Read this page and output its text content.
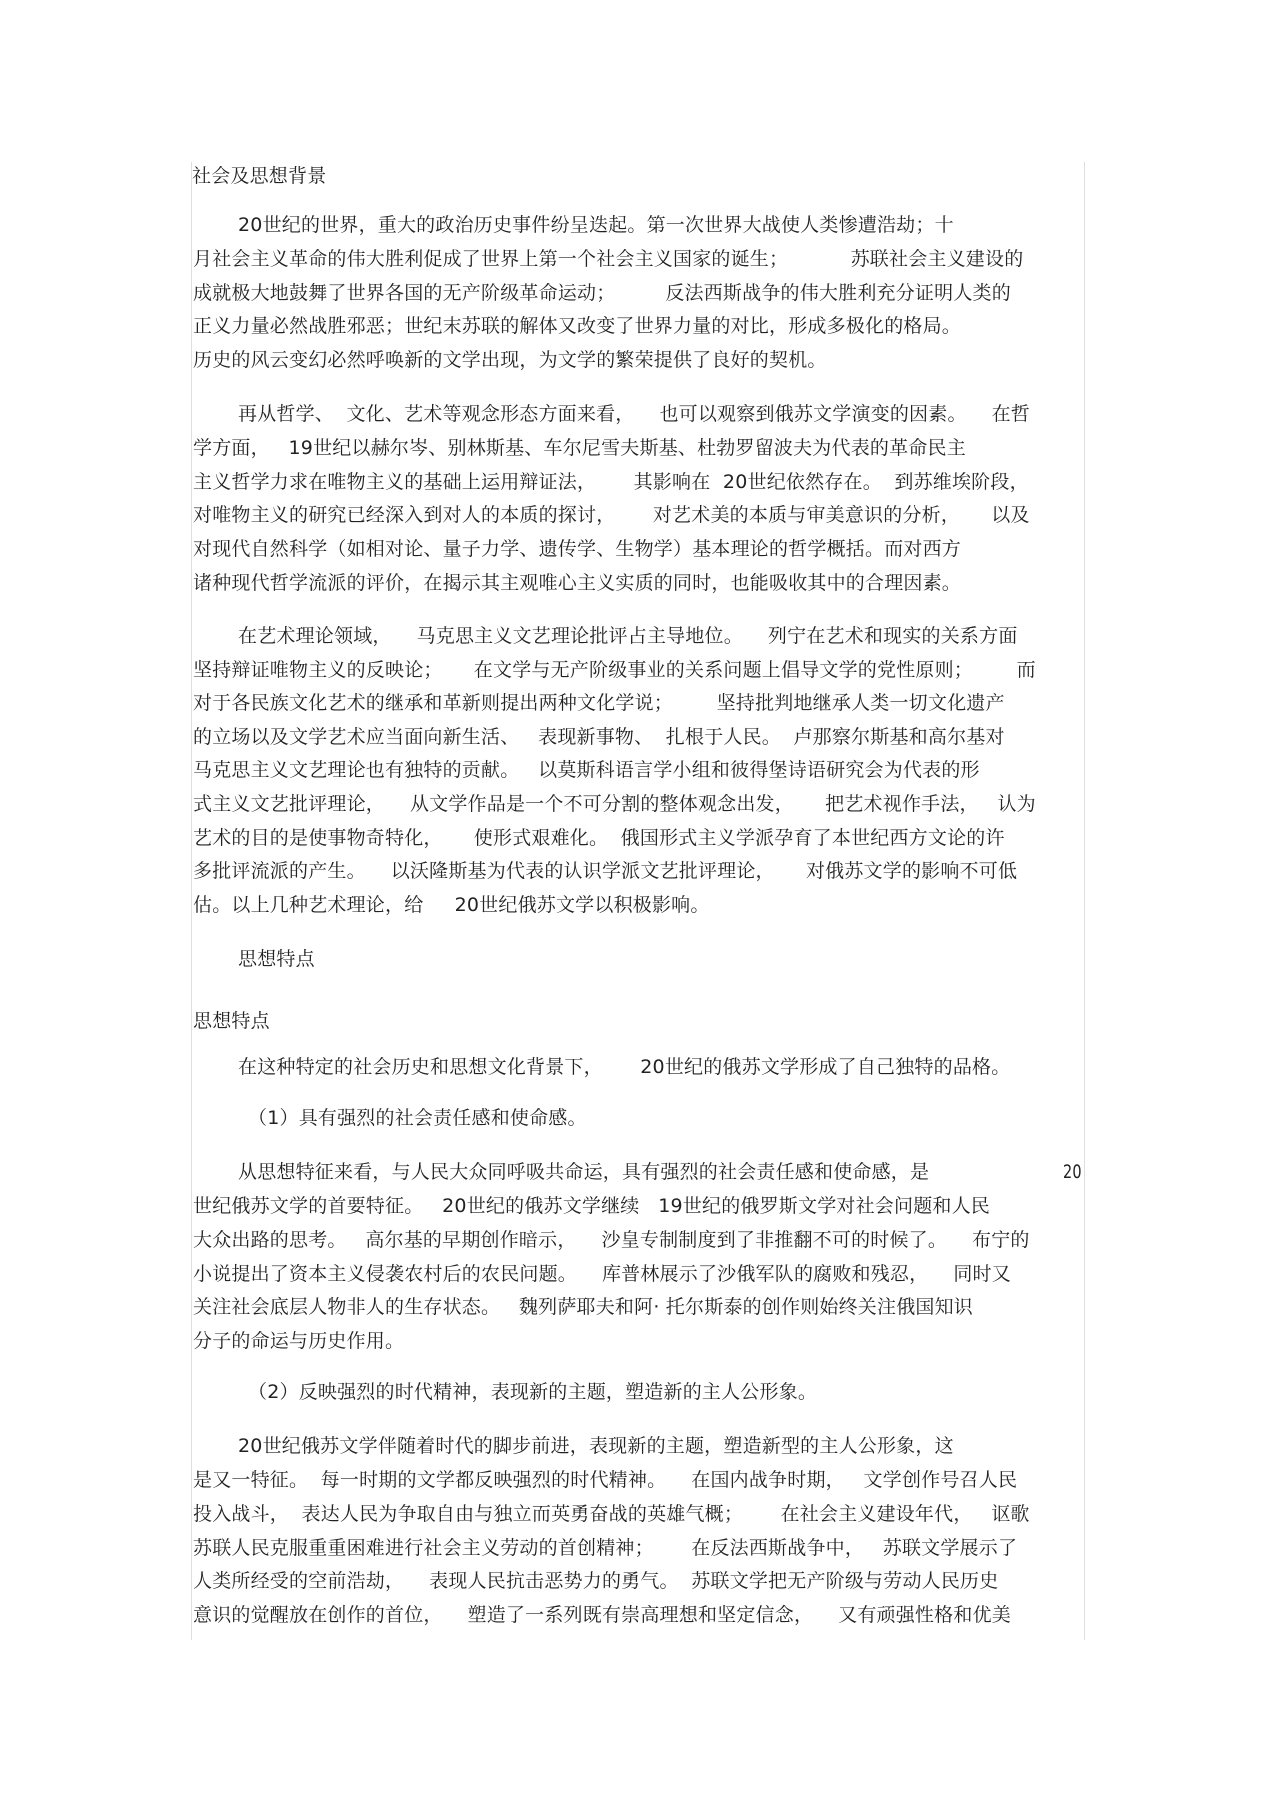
社会及思想背景
20世纪的世界，重大的政治历史事件纷呈迭起。第一次世界大战使人类惨遭浩劫；十
月社会主义革命的伟大胜利促成了世界上第一个社会主义国家的诞生；          苏联社会主义建设的
成就极大地鼓舞了世界各国的无产阶级革命运动；        反法西斯战争的伟大胜利充分证明人类的
正义力量必然战胜邪恶；世纪末苏联的解体又改变了世界力量的对比，形成多极化的格局。
历史的风云变幻必然呼唤新的文学出现，为文学的繁荣提供了良好的契机。
再从哲学、  文化、艺术等观念形态方面来看，    也可以观察到俄苏文学演变的因素。    在哲
学方面，   19世纪以赫尔岑、别林斯基、车尔尼雪夫斯基、杜勃罗留波夫为代表的革命民主
主义哲学力求在唯物主义的基础上运用辩证法，      其影响在  20世纪依然存在。  到苏维埃阶段，
对唯物主义的研究已经深入到对人的本质的探讨，      对艺术美的本质与审美意识的分析，     以及
对现代自然科学（如相对论、量子力学、遗传学、生物学）基本理论的哲学概括。而对西方
诸种现代哲学流派的评价，在揭示其主观唯心主义实质的同时，也能吸收其中的合理因素。
在艺术理论领域，    马克思主义文艺理论批评占主导地位。    列宁在艺术和现实的关系方面
坚持辩证唯物主义的反映论；     在文学与无产阶级事业的关系问题上倡导文学的党性原则；       而
对于各民族文化艺术的继承和革新则提出两种文化学说；       坚持批判地继承人类一切文化遗产
的立场以及文学艺术应当面向新生活、   表现新事物、  扎根于人民。  卢那察尔斯基和高尔基对
马克思主义文艺理论也有独特的贡献。   以莫斯科语言学小组和彼得堡诗语研究会为代表的形
式主义文艺批评理论，    从文学作品是一个不可分割的整体观念出发，     把艺术视作手法，   认为
艺术的目的是使事物奇特化，     使形式艰难化。  俄国形式主义学派孕育了本世纪西方文论的许
多批评流派的产生。    以沃隆斯基为代表的认识学派文艺批评理论，     对俄苏文学的影响不可低
估。以上几种艺术理论，给     20世纪俄苏文学以积极影响。
思想特点
思想特点
在这种特定的社会历史和思想文化背景下，      20世纪的俄苏文学形成了自己独特的品格。
（1）具有强烈的社会责任感和使命感。
从思想特征来看，与人民大众同呼吸共命运，具有强烈的社会责任感和使命感，是	20
世纪俄苏文学的首要特征。   20世纪的俄苏文学继续   19世纪的俄罗斯文学对社会问题和人民
大众出路的思考。   高尔基的早期创作暗示，    沙皇专制制度到了非推翻不可的时候了。    布宁的
小说提出了资本主义侵袭农村后的农民问题。    库普林展示了沙俄军队的腐败和残忍，    同时又
关注社会底层人物非人的生存状态。   魏列萨耶夫和阿· 托尔斯泰的创作则始终关注俄国知识
分子的命运与历史作用。
（2）反映强烈的时代精神，表现新的主题，塑造新的主人公形象。
20世纪俄苏文学伴随着时代的脚步前进，表现新的主题，塑造新型的主人公形象，这
是又一特征。  每一时期的文学都反映强烈的时代精神。    在国内战争时期，   文学创作号召人民
投入战斗，  表达人民为争取自由与独立而英勇奋战的英雄气概；      在社会主义建设年代，   讴歌
苏联人民克服重重困难进行社会主义劳动的首创精神；      在反法西斯战争中，   苏联文学展示了
人类所经受的空前浩劫，    表现人民抗击恶势力的勇气。  苏联文学把无产阶级与劳动人民历史
意识的觉醒放在创作的首位，    塑造了一系列既有崇高理想和坚定信念，    又有顽强性格和优美
